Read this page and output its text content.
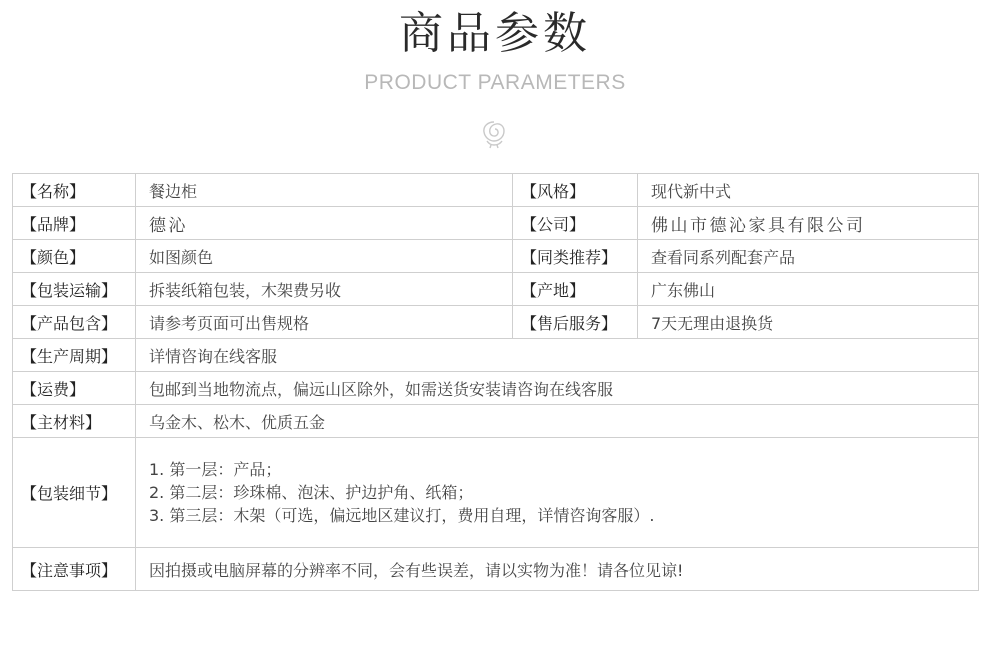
商品参数
PRODUCT PARAMETERS
【名称】	餐边柜	【风格】	现代新中式
【品牌】	德沁	【公司】	佛山市德沁家具有限公司
【颜色】	如图颜色	【同类推荐】	查看同系列配套产品
【包装运输】	拆装纸箱包装，木架费另收	【产地】	广东佛山
【产品包含】	请参考页面可出售规格	【售后服务】	7天无理由退换货
【生产周期】	详情咨询在线客服		
【运费】	包邮到当地物流点，偏远山区除外，如需送货安装请咨询在线客服		
【主材料】	乌金木、松木、优质五金		
【包装细节】	1. 第一层：产品；
2. 第二层：珍珠棉、泡沫、护边护角、纸箱；
3. 第三层：木架（可选，偏远地区建议打，费用自理，详情咨询客服）.		

【注意事项】	因拍摄或电脑屏幕的分辨率不同，会有些误差，请以实物为准！请各位见谅!		
